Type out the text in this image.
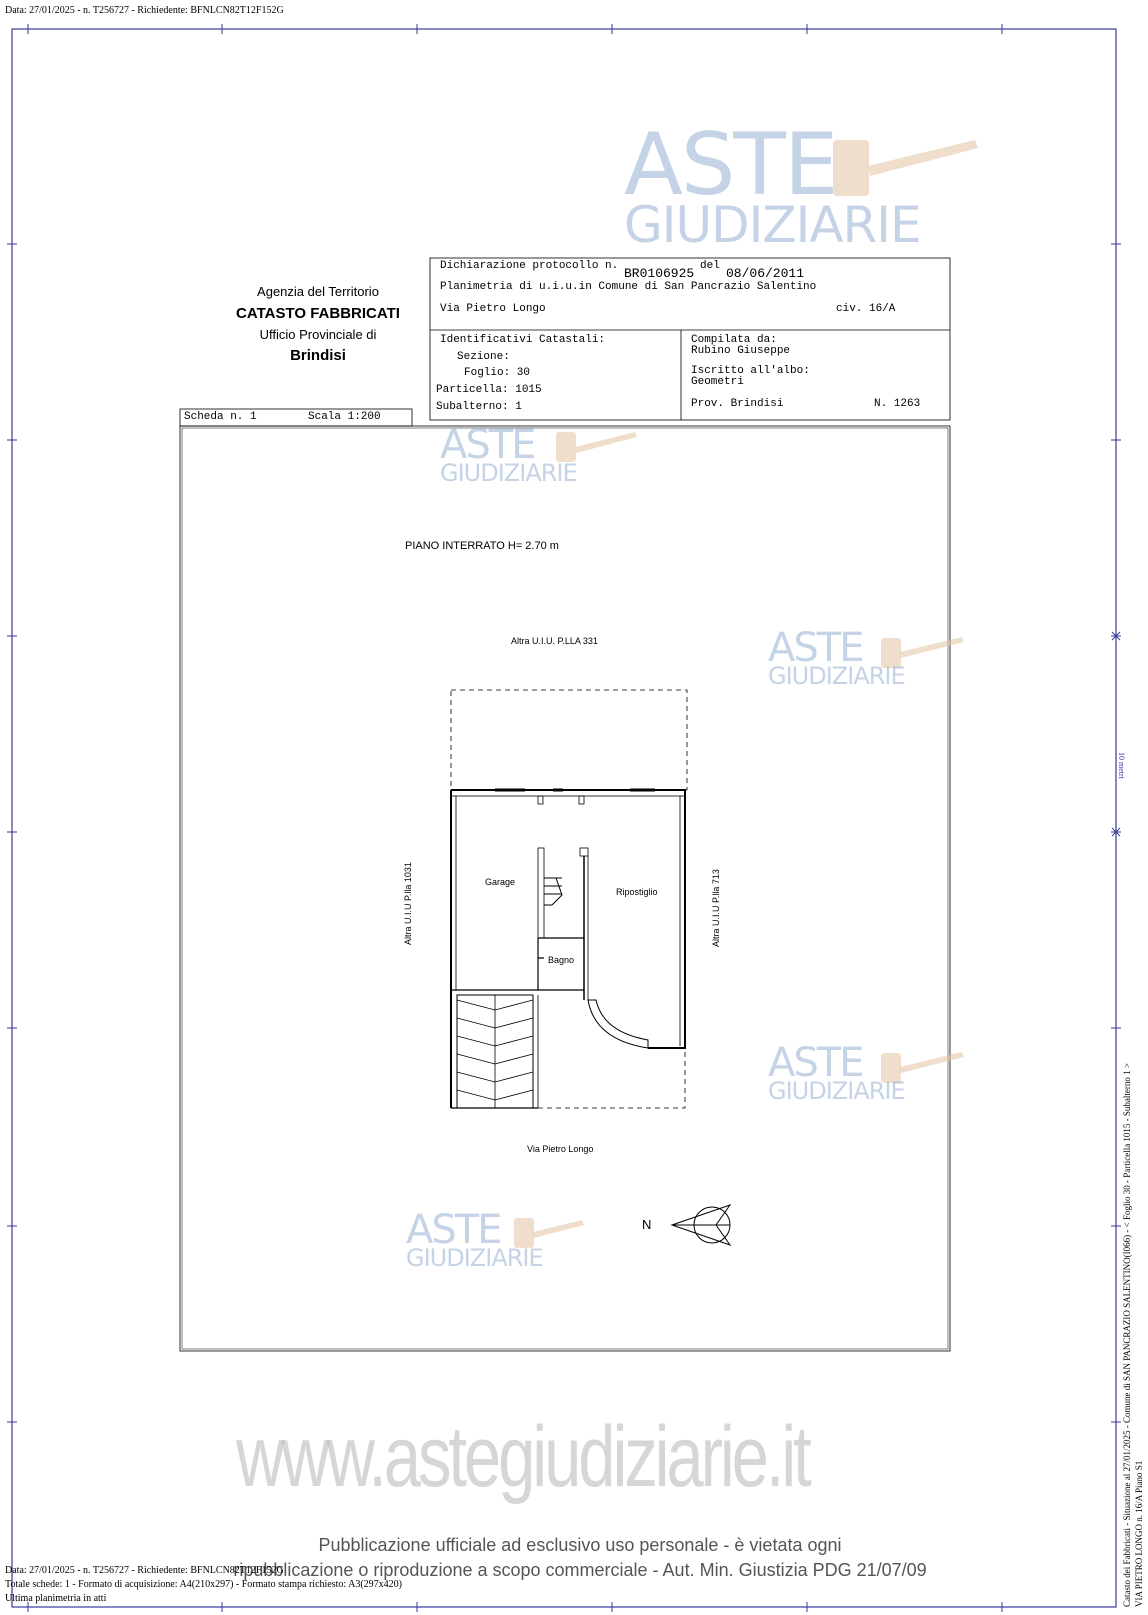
Data: 27/01/2025 - n. T256727 - Richiedente: BFNLCN82T12F152G
ASTE
GIUDIZIARIE
Agenzia del Territorio
CATASTO FABBRICATI
Ufficio Provinciale di
Brindisi
Dichiarazione protocollo n. BR0106925 del 08/06/2011
Planimetria di u.i.u.in Comune di San Pancrazio Salentino
Via Pietro Longo	civ. 16/A
Identificativi Catastali:
Sezione:
Foglio: 30
Particella: 1015
Subalterno: 1
Compilata da:
Rubino Giuseppe
Iscritto all'albo:
Geometri
Prov. Brindisi	N. 1263
Scheda n. 1	Scala 1:200
ASTE
GIUDIZIARIE
ASTE
GIUDIZIARIE
ASTE
GIUDIZIARIE
ASTE
GIUDIZIARIE
PIANO INTERRATO H= 2.70 m
Altra U.I.U. P.LLA 331
Altra U.I.U P.lla 1031	Altra U.I.U P.lla 713
Garage
Ripostiglio
Bagno
Via Pietro Longo
N
www.astegiudiziarie.it
Pubblicazione ufficiale ad esclusivo uso personale - è vietata ogni
ripubblicazione o riproduzione a scopo commerciale - Aut. Min. Giustizia PDG 21/07/09	Catasto dei Fabbricati - Situazione al 27/01/2025 - Comune di SAN PANCRAZIO SALENTINO(I066) - < Foglio 30 - Particella 1015 - Subalterno 1 > VIA PIETRO LONGO n. 16/A Piano S1
10 metri
Data: 27/01/2025 - n. T256727 - Richiedente: BFNLCN82T12F152G
Totale schede: 1 - Formato di acquisizione: A4(210x297) - Formato stampa richiesto: A3(297x420)
Ultima planimetria in atti
